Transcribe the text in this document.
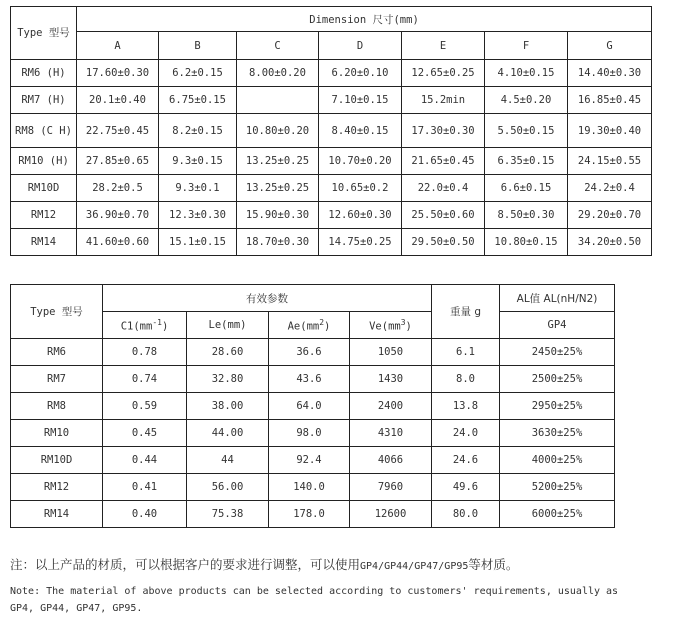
Type 型号	Dimension 尺寸(mm)						
	A	B	C	D	E	F	G
RM6 (H)	17.60±0.30	6.2±0.15	8.00±0.20	6.20±0.10	12.65±0.25	4.10±0.15	14.40±0.30
RM7 (H)	20.1±0.40	6.75±0.15		7.10±0.15	15.2min	4.5±0.20	16.85±0.45
RM8 (C H)	22.75±0.45	8.2±0.15	10.80±0.20	8.40±0.15	17.30±0.30	5.50±0.15	19.30±0.40
RM10 (H)	27.85±0.65	9.3±0.15	13.25±0.25	10.70±0.20	21.65±0.45	6.35±0.15	24.15±0.55
RM10D	28.2±0.5	9.3±0.1	13.25±0.25	10.65±0.2	22.0±0.4	6.6±0.15	24.2±0.4
RM12	36.90±0.70	12.3±0.30	15.90±0.30	12.60±0.30	25.50±0.60	8.50±0.30	29.20±0.70
RM14	41.60±0.60	15.1±0.15	18.70±0.30	14.75±0.25	29.50±0.50	10.80±0.15	34.20±0.50
Type 型号	有效参数				重量 g	AL值 AL(nH/N2)
	$C1(mm^{-1})$	Le(mm)	$Ae(mm^2)$	$Ve(mm^3)$		GP4
RM6	0.78	28.60	36.6	1050	6.1	2450±25%
RM7	0.74	32.80	43.6	1430	8.0	2500±25%
RM8	0.59	38.00	64.0	2400	13.8	2950±25%
RM10	0.45	44.00	98.0	4310	24.0	3630±25%
RM10D	0.44	44	92.4	4066	24.6	4000±25%
RM12	0.41	56.00	140.0	7960	49.6	5200±25%
RM14	0.40	75.38	178.0	12600	80.0	6000±25%
注：以上产品的材质，可以根据客户的要求进行调整，可以使用GP4/GP44/GP47/GP95等材质。
Note: The material of above products can be selected according to customers' requirements, usually as GP4, GP44, GP47, GP95.
